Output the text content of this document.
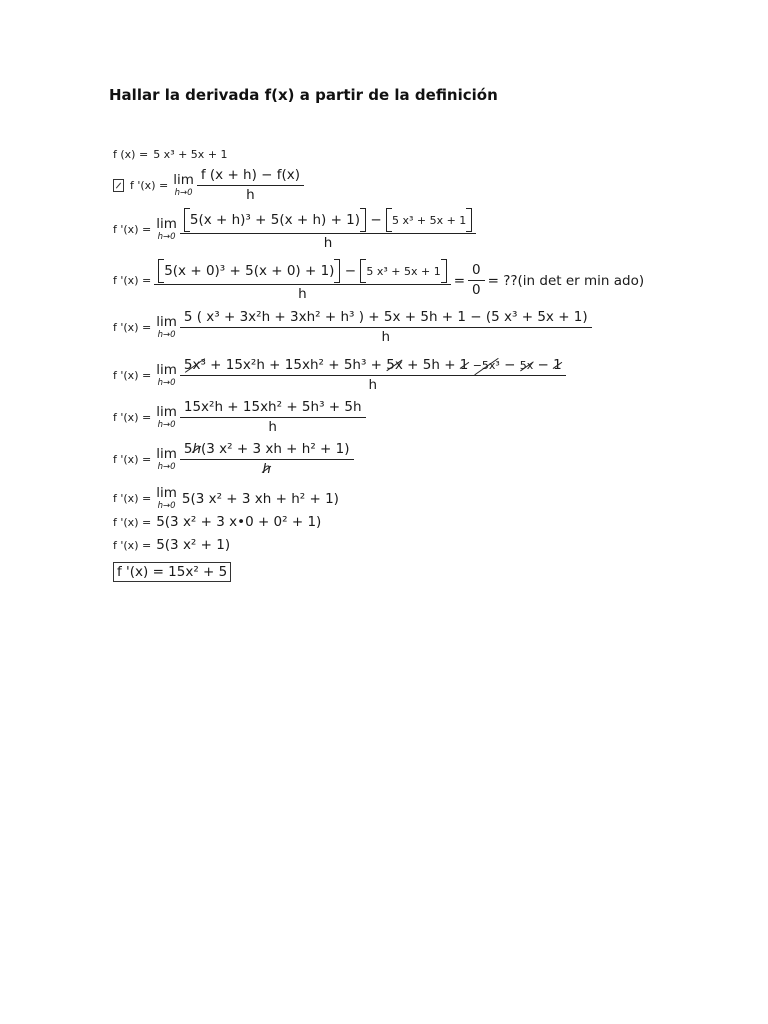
Hallar la derivada f(x) a partir de la definición
f (x) = 5 x³ + 5x + 1
f '(x) = lim
$h\to 0 \frac{f (x + h) - f(x)}{h}$
f '(x) = lim
$h\to 0 \frac{\text{5(x + h)³ + 5(x + h) + 1) − 5 x³ + 5x + 1}}{h}$
f '$(x) = \frac{\text{5(x + 0)³ + 5(x + 0) + 1) − 5 x³ + 5x + 1}}{h} = \frac{0}{0}$ = ??(in det er min ado)
f '(x) = lim
$h\to 0 \frac{\text{5 ( x³ + 3x²h + 3xh² + h³ ) + 5x + 5h + 1 − (5 x³ + 5x + 1)}}{h}$
f '(x) = lim
$h\to 0 \frac{\text{5x³ + 15x²h + 15xh² + 5h³ + 5x + 5h + 1 −5x³ − 5x − 1}}{h}$
f '(x) = lim
$h\to 0 \frac{\text{15x²h + 15xh² + 5h³ + 5h}}{h}$
f '(x) = lim
$h\to 0 \frac{\text{5h(3 x² + 3 xh + h² + 1)}}{h}$
f '(x) = lim
h→0 5(3 x² + 3 xh + h² + 1)
f '(x) = 5(3 x² + 3 x•0 + 0² + 1)
f '(x) = 5(3 x² + 1)
f '(x) = 15x² + 5
